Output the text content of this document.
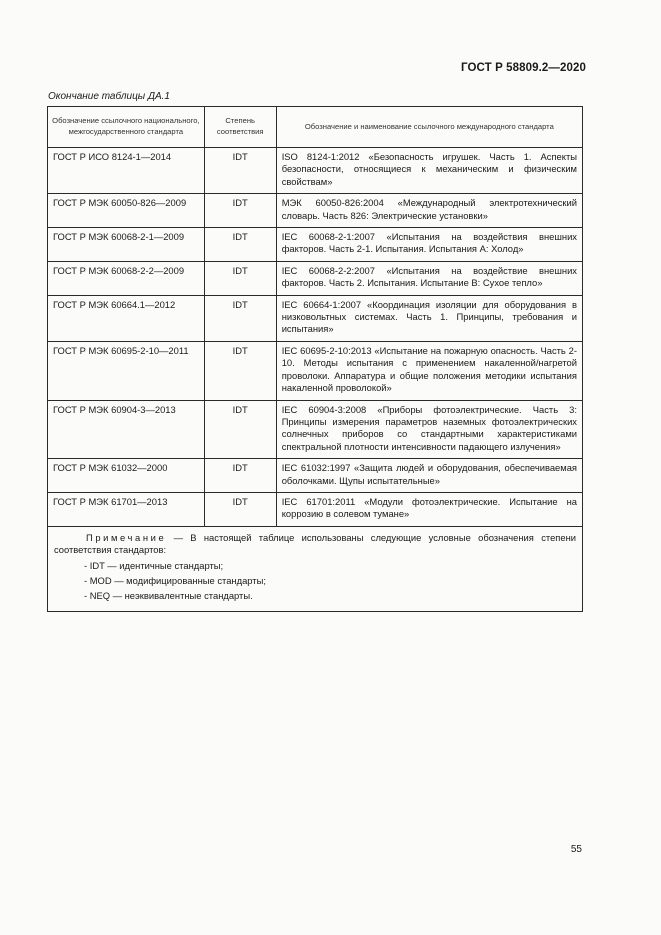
ГОСТ Р 58809.2—2020
Окончание таблицы ДА.1
Обозначение ссылочного национального, межгосударственного стандарта	Степень соответствия	Обозначение и наименование ссылочного международного стандарта
ГОСТ Р ИСО 8124-1—2014	IDT	ISO 8124-1:2012 «Безопасность игрушек. Часть 1. Аспекты безопасности, относящиеся к механическим и физическим свойствам»
ГОСТ Р МЭК 60050-826—2009	IDT	МЭК 60050-826:2004 «Международный электротехнический словарь. Часть 826: Электрические установки»
ГОСТ Р МЭК 60068-2-1—2009	IDT	IEC 60068-2-1:2007 «Испытания на воздействия внешних факторов. Часть 2-1. Испытания. Испытания А: Холод»
ГОСТ Р МЭК 60068-2-2—2009	IDT	IEC 60068-2-2:2007 «Испытания на воздействие внешних факторов. Часть 2. Испытания. Испытание В: Сухое тепло»
ГОСТ Р МЭК 60664.1—2012	IDT	IEC 60664-1:2007 «Координация изоляции для оборудования в низковольтных системах. Часть 1. Принципы, требования и испытания»
ГОСТ Р МЭК 60695-2-10—2011	IDT	IEC 60695-2-10:2013 «Испытание на пожарную опасность. Часть 2-10. Методы испытания с применением накаленной/нагретой проволоки. Аппаратура и общие положения методики испытания накаленной проволокой»
ГОСТ Р МЭК 60904-3—2013	IDT	IEC 60904-3:2008 «Приборы фотоэлектрические. Часть 3: Принципы измерения параметров наземных фотоэлектрических солнечных приборов со стандартными характеристиками спектральной плотности интенсивности падающего излучения»
ГОСТ Р МЭК 61032—2000	IDT	IEC 61032:1997 «Защита людей и оборудования, обеспечиваемая оболочками. Щупы испытательные»
ГОСТ Р МЭК 61701—2013	IDT	IEC 61701:2011 «Модули фотоэлектрические. Испытание на коррозию в солевом тумане»

Примечание — В настоящей таблице использованы следующие условные обозначения степени соответствия стандартов:

- IDT — идентичные стандарты;

- MOD — модифицированные стандарты;

- NEQ — неэквивалентные стандарты.		

55
